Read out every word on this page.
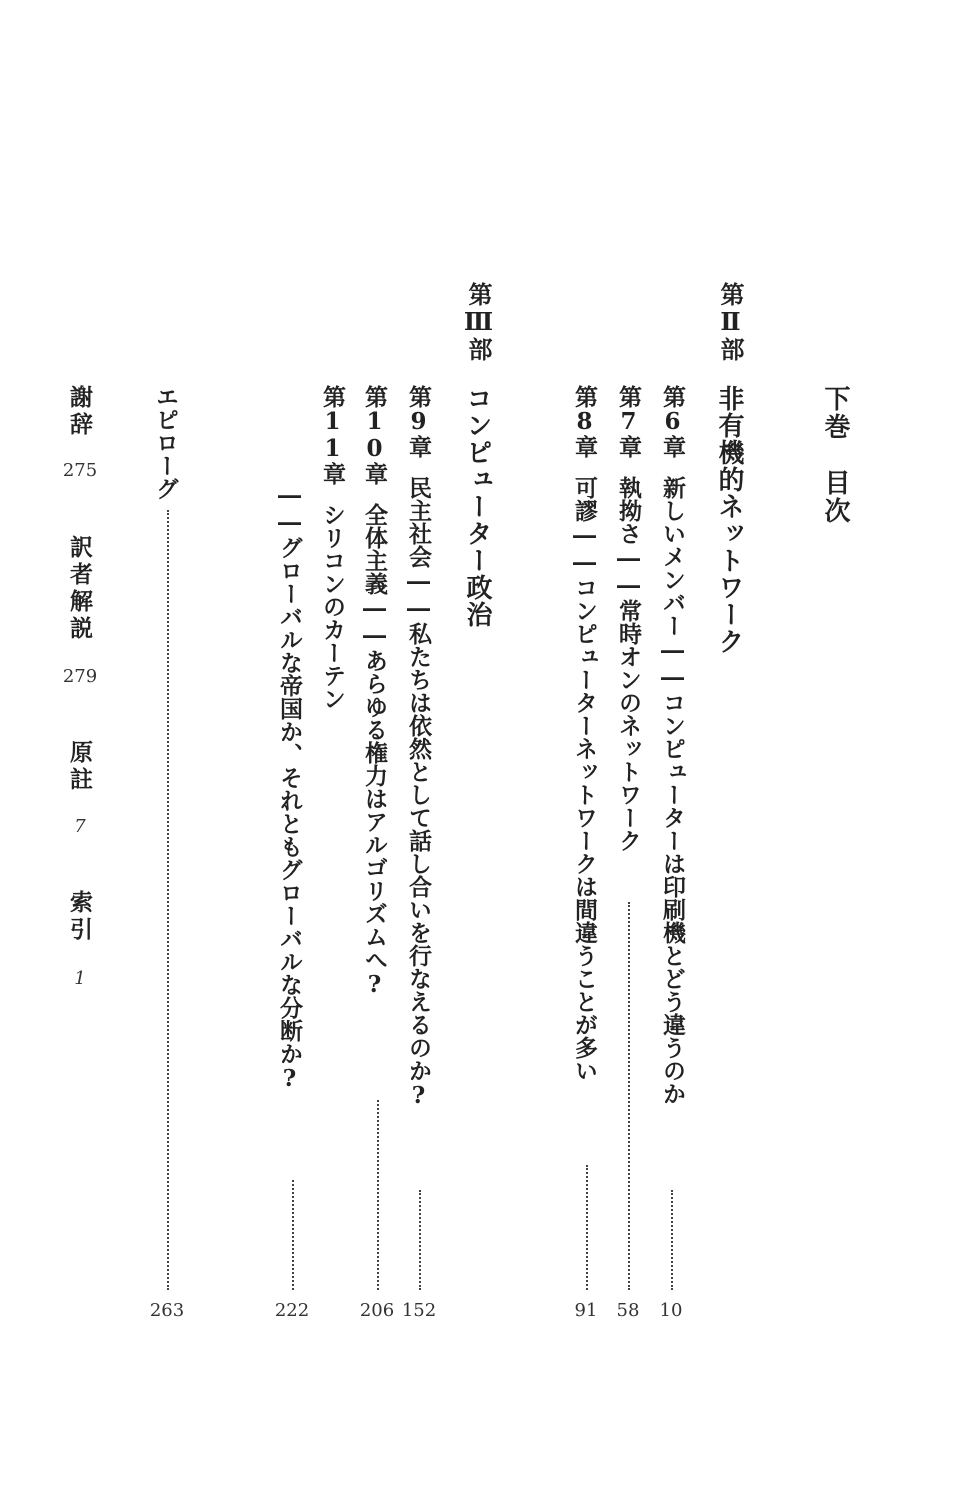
下巻　目次
第Ⅱ部
非有機的ネットワーク
第6章新しいメンバー――コンピューターは印刷機とどう違うのか
10
第7章執拗さ――常時オンのネットワーク
58
第8章可謬――コンピューターネットワークは間違うことが多い
91
第Ⅲ部
コンピューター政治
第9章民主社会――私たちは依然として話し合いを行なえるのか?
152
第10章全体主義――あらゆる権力はアルゴリズムへ?
206
第11章シリコンのカーテン
――グローバルな帝国か、それともグローバルな分断か?
222
エピローグ
263
謝辞
275
訳者解説
279
原註
7
索引
1
